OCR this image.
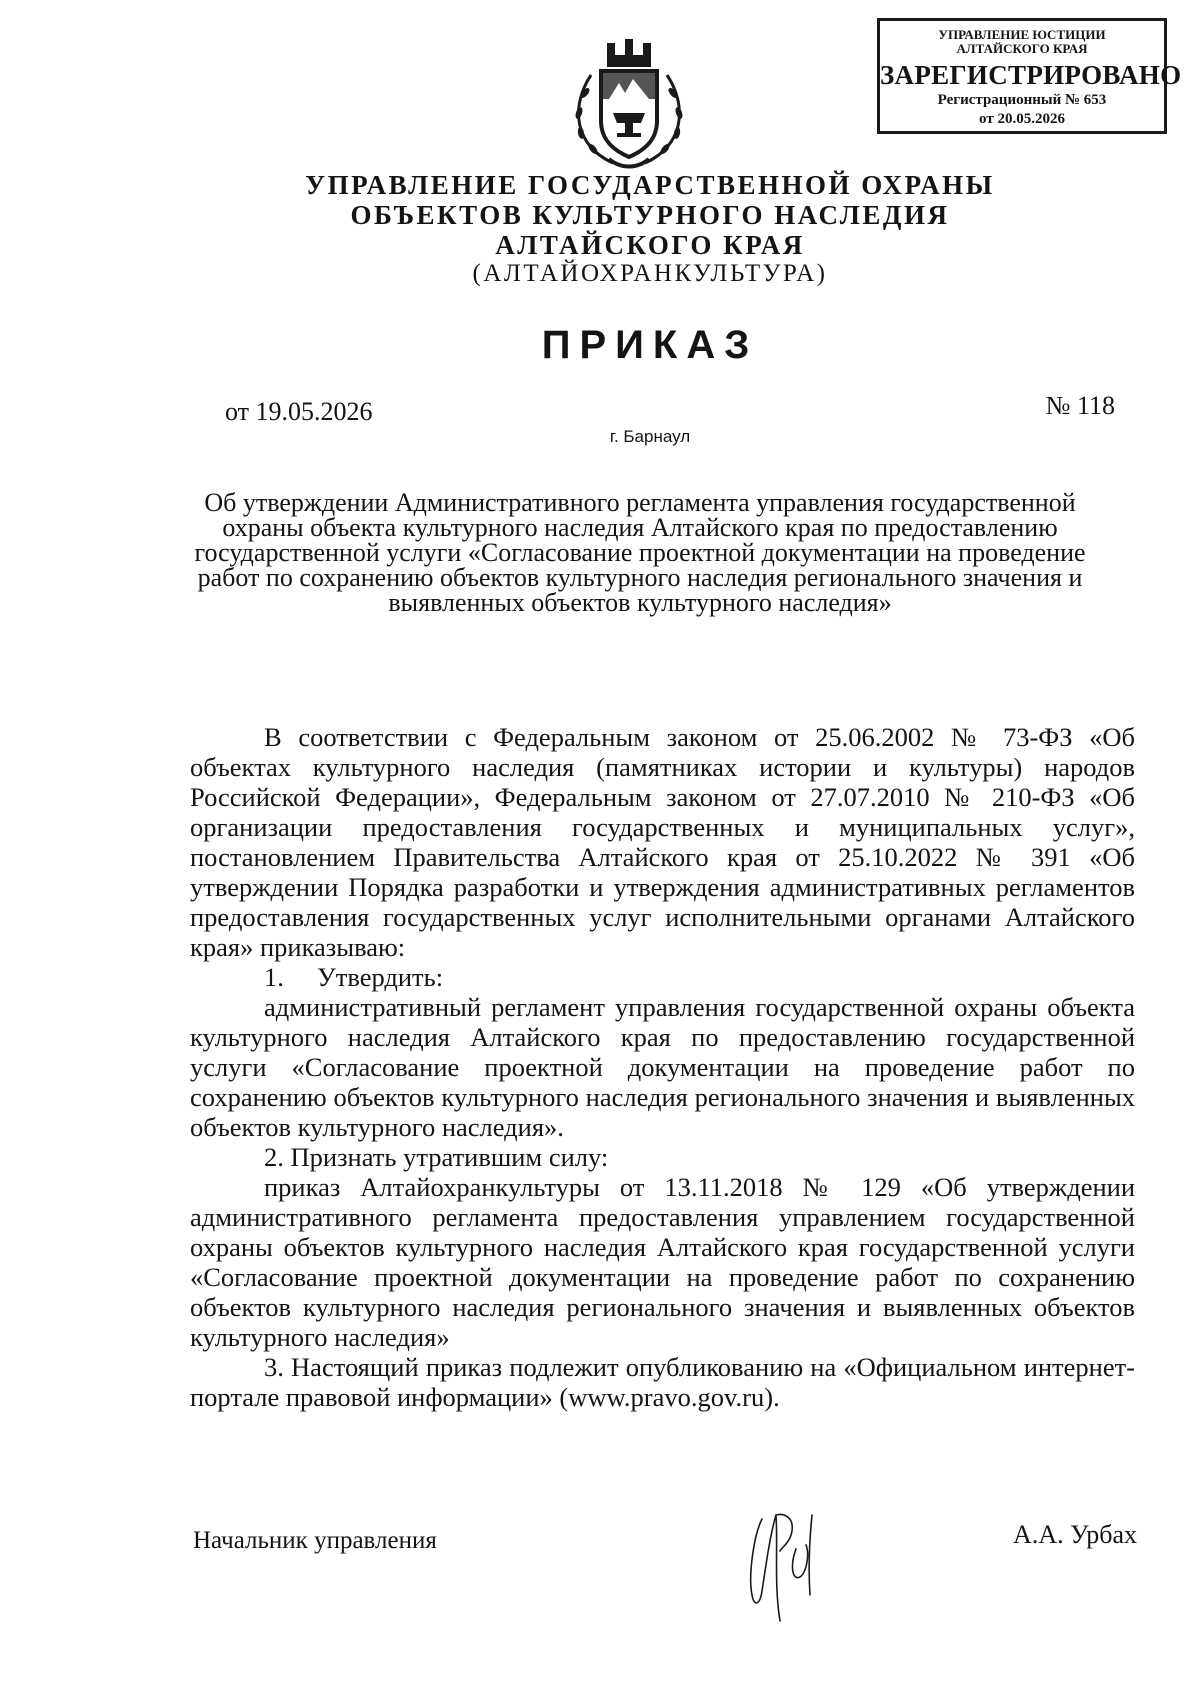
УПРАВЛЕНИЕ ЮСТИЦИИ
АЛТАЙСКОГО КРАЯ
ЗАРЕГИСТРИРОВАНО
Регистрационный № 653
от 20.05.2026
УПРАВЛЕНИЕ ГОСУДАРСТВЕННОЙ ОХРАНЫ
ОБЪЕКТОВ КУЛЬТУРНОГО НАСЛЕДИЯ
АЛТАЙСКОГО КРАЯ
(АЛТАЙОХРАНКУЛЬТУРА)
ПРИКАЗ
от 19.05.2026	№ 118
г. Барнаул
Об утверждении Административного регламента управления государственной охраны объекта культурного наследия Алтайского края по предоставлению государственной услуги «Согласование проектной документации на проведение работ по сохранению объектов культурного наследия регионального значения и выявленных объектов культурного наследия»

В соответствии с Федеральным законом от 25.06.2002 № 73-ФЗ «Об объектах культурного наследия (памятниках истории и культуры) народов Российской Федерации», Федеральным законом от 27.07.2010 № 210-ФЗ «Об организации предоставления государственных и муниципальных услуг», постановлением Правительства Алтайского края от 25.10.2022 № 391 «Об утверждении Порядка разработки и утверждения административных регламентов предоставления государственных услуг исполнительными органами Алтайского края» приказываю:

1.     Утвердить:

административный регламент управления государственной охраны объекта культурного наследия Алтайского края по предоставлению государственной услуги «Согласование проектной документации на проведение работ по сохранению объектов культурного наследия регионального значения и выявленных объектов культурного наследия».

2. Признать утратившим силу:

приказ Алтайохранкультуры от 13.11.2018 № 129 «Об утверждении административного регламента предоставления управлением государственной охраны объектов культурного наследия Алтайского края государственной услуги «Согласование проектной документации на проведение работ по сохранению объектов культурного наследия регионального значения и выявленных объектов культурного наследия»

3. Настоящий приказ подлежит опубликованию на «Официальном интернет-портале правовой информации» (www.pravo.gov.ru).

Начальник управления	А.А. Урбах
